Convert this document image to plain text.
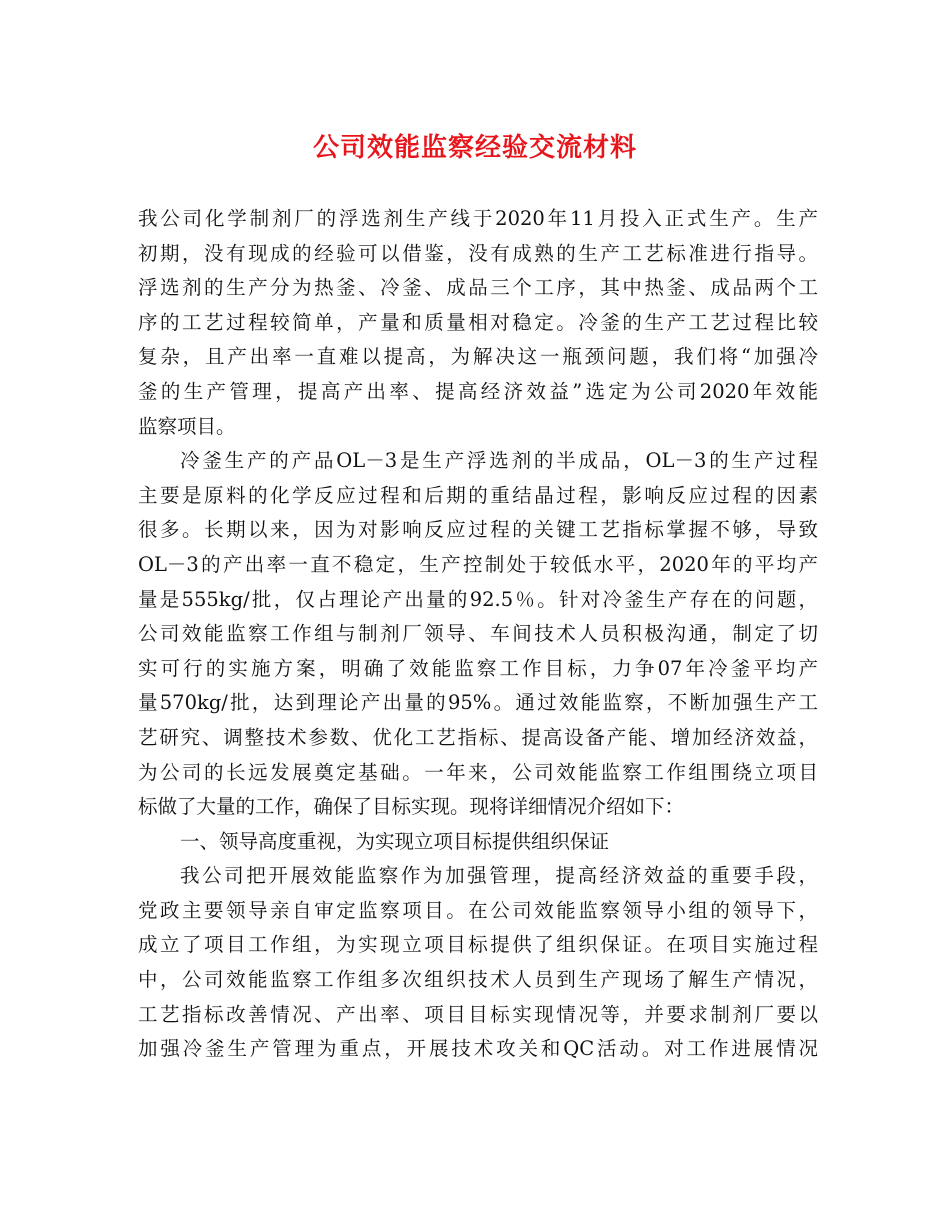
公司效能监察经验交流材料
我公司化学制剂厂的浮选剂生产线于2020年11月投入正式生产。生产
初期，没有现成的经验可以借鉴，没有成熟的生产工艺标准进行指导。
浮选剂的生产分为热釜、冷釜、成品三个工序，其中热釜、成品两个工
序的工艺过程较简单，产量和质量相对稳定。冷釜的生产工艺过程比较
复杂，且产出率一直难以提高，为解决这一瓶颈问题，我们将“加强冷
釜的生产管理，提高产出率、提高经济效益”选定为公司2020年效能
监察项目。
冷釜生产的产品OL－3是生产浮选剂的半成品，OL－3的生产过程
主要是原料的化学反应过程和后期的重结晶过程，影响反应过程的因素
很多。长期以来，因为对影响反应过程的关键工艺指标掌握不够，导致
OL－3的产出率一直不稳定，生产控制处于较低水平，2020年的平均产
量是555kg/批，仅占理论产出量的92.5％。针对冷釜生产存在的问题，
公司效能监察工作组与制剂厂领导、车间技术人员积极沟通，制定了切
实可行的实施方案，明确了效能监察工作目标，力争07年冷釜平均产
量570kg/批，达到理论产出量的95%。通过效能监察，不断加强生产工
艺研究、调整技术参数、优化工艺指标、提高设备产能、增加经济效益，
为公司的长远发展奠定基础。一年来，公司效能监察工作组围绕立项目
标做了大量的工作，确保了目标实现。现将详细情况介绍如下：
一、领导高度重视，为实现立项目标提供组织保证
我公司把开展效能监察作为加强管理，提高经济效益的重要手段，
党政主要领导亲自审定监察项目。在公司效能监察领导小组的领导下，
成立了项目工作组，为实现立项目标提供了组织保证。在项目实施过程
中，公司效能监察工作组多次组织技术人员到生产现场了解生产情况，
工艺指标改善情况、产出率、项目目标实现情况等，并要求制剂厂要以
加强冷釜生产管理为重点，开展技术攻关和QC活动。对工作进展情况
